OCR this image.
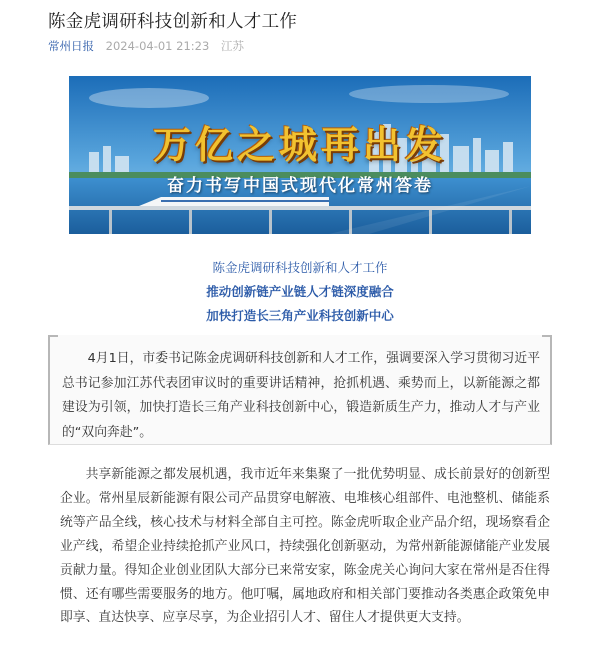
陈金虎调研科技创新和人才工作
常州日报 2024-04-01 21:23 江苏
万亿之城再出发
奋力书写中国式现代化常州答卷
陈金虎调研科技创新和人才工作
推动创新链产业链人才链深度融合
加快打造长三角产业科技创新中心
4月1日，市委书记陈金虎调研科技创新和人才工作，强调要深入学习贯彻习近平总书记参加江苏代表团审议时的重要讲话精神，抢抓机遇、乘势而上，以新能源之都建设为引领，加快打造长三角产业科技创新中心，锻造新质生产力，推动人才与产业的“双向奔赴”。
共享新能源之都发展机遇，我市近年来集聚了一批优势明显、成长前景好的创新型企业。常州星辰新能源有限公司产品贯穿电解液、电堆核心组部件、电池整机、储能系统等产品全线，核心技术与材料全部自主可控。陈金虎听取企业产品介绍，现场察看企业产线，希望企业持续抢抓产业风口，持续强化创新驱动，为常州新能源储能产业发展贡献力量。得知企业创业团队大部分已来常安家，陈金虎关心询问大家在常州是否住得惯、还有哪些需要服务的地方。他叮嘱，属地政府和相关部门要推动各类惠企政策免申即享、直达快享、应享尽享，为企业招引人才、留住人才提供更大支持。
